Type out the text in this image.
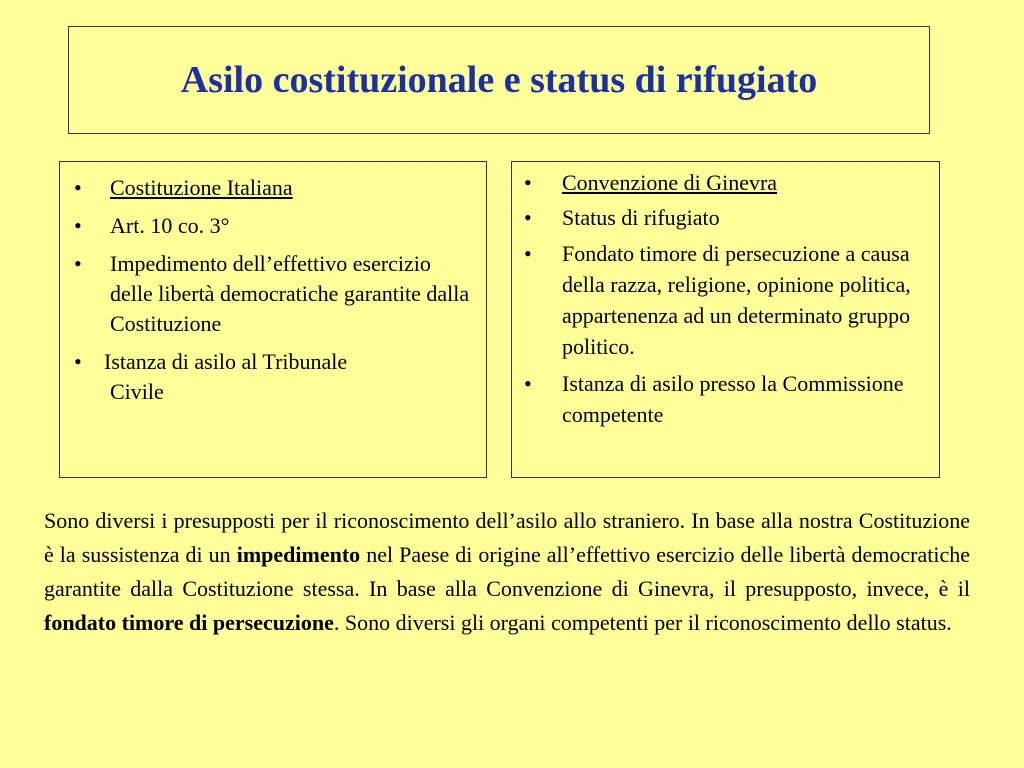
Asilo costituzionale e status di rifugiato
• Costituzione Italiana
• Art. 10 co. 3°
• Impedimento dell’effettivo esercizio delle libertà democratiche garantite dalla Costituzione
• Istanza di asilo al Tribunale
Civile
• Convenzione di Ginevra
• Status di rifugiato
• Fondato timore di persecuzione a causa della razza, religione, opinione politica, appartenenza ad un determinato gruppo politico.
• Istanza di asilo presso la Commissione competente

Sono diversi i presupposti per il riconoscimento dell’asilo allo straniero. In base alla nostra Costituzione è la sussistenza di un impedimento nel Paese di origine all’effettivo esercizio delle libertà democratiche garantite dalla Costituzione stessa. In base alla Convenzione di Ginevra, il presupposto, invece, è il fondato timore di persecuzione. Sono diversi gli organi competenti per il riconoscimento dello status.
